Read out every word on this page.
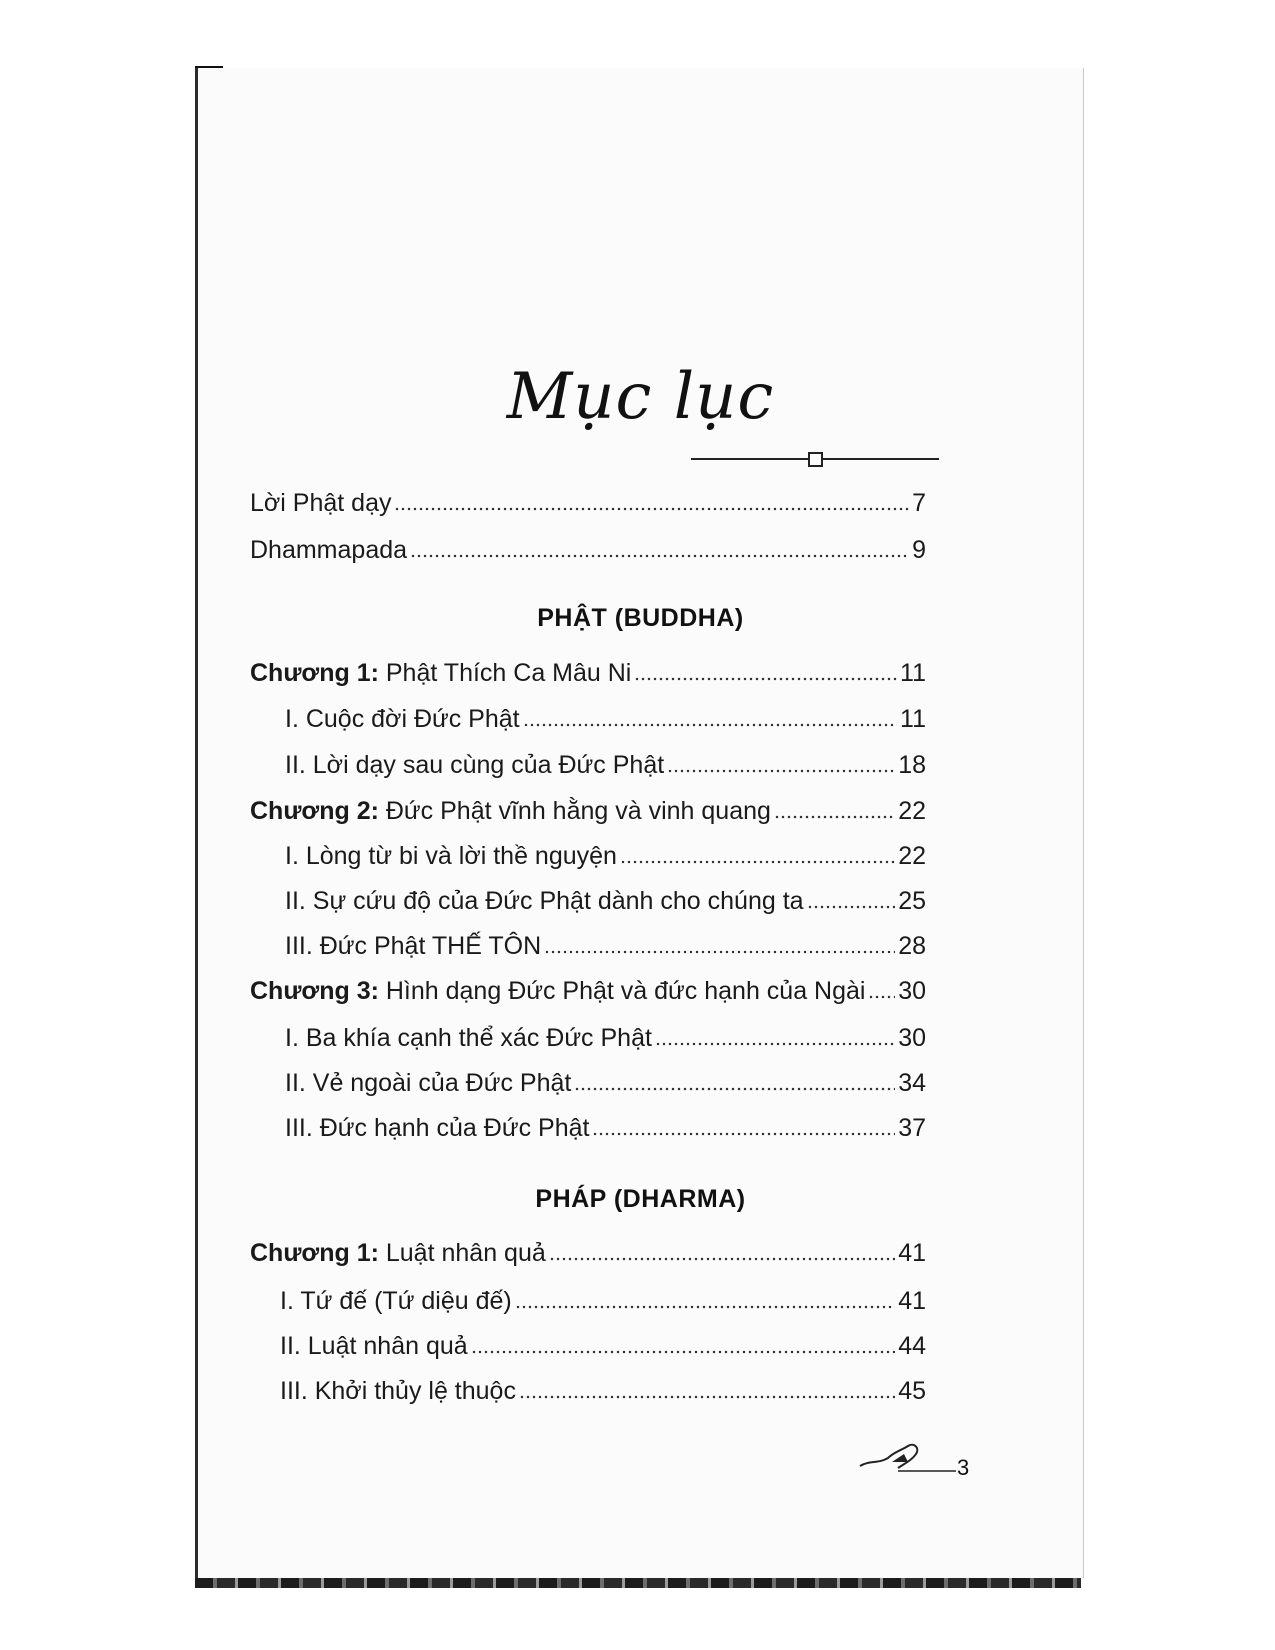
Mục lục
Lời Phật dạy	7
Dhammapada	9
PHẬT (BUDDHA)
Chương 1: Phật Thích Ca Mâu Ni	11
I. Cuộc đời Đức Phật	11
II. Lời dạy sau cùng của Đức Phật	18
Chương 2: Đức Phật vĩnh hằng và vinh quang	22
I. Lòng từ bi và lời thề nguyện	22
II. Sự cứu độ của Đức Phật dành cho chúng ta	25
III. Đức Phật THẾ TÔN	28
Chương 3: Hình dạng Đức Phật và đức hạnh của Ngài 30
I. Ba khía cạnh thể xác Đức Phật	30
II. Vẻ ngoài của Đức Phật	34
III. Đức hạnh của Đức Phật	37
PHÁP (DHARMA)
Chương 1: Luật nhân quả	41
I. Tứ đế (Tứ diệu đế)	41
II. Luật nhân quả	44
III. Khởi thủy lệ thuộc	45
3
